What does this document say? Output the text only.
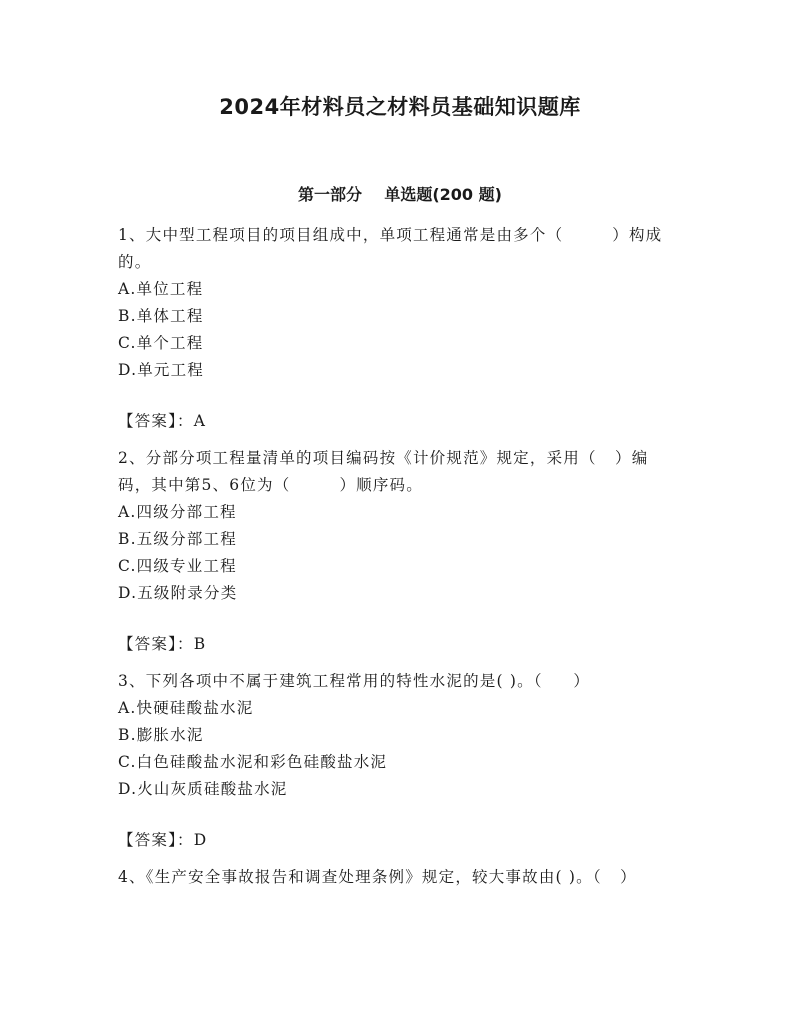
2024年材料员之材料员基础知识题库
第一部分    单选题(200 题)
1、大中型工程项目的项目组成中，单项工程通常是由多个（        ）构成的。
A.单位工程
B.单体工程
C.单个工程
D.单元工程
【答案】：A
2、分部分项工程量清单的项目编码按《计价规范》规定，采用（   ）编码，其中第5、6位为（        ）顺序码。
A.四级分部工程
B.五级分部工程
C.四级专业工程
D.五级附录分类
【答案】：B
3、下列各项中不属于建筑工程常用的特性水泥的是( )。（     ）
A.快硬硅酸盐水泥
B.膨胀水泥
C.白色硅酸盐水泥和彩色硅酸盐水泥
D.火山灰质硅酸盐水泥
【答案】：D
4、《生产安全事故报告和调查处理条例》规定，较大事故由( )。（   ）
